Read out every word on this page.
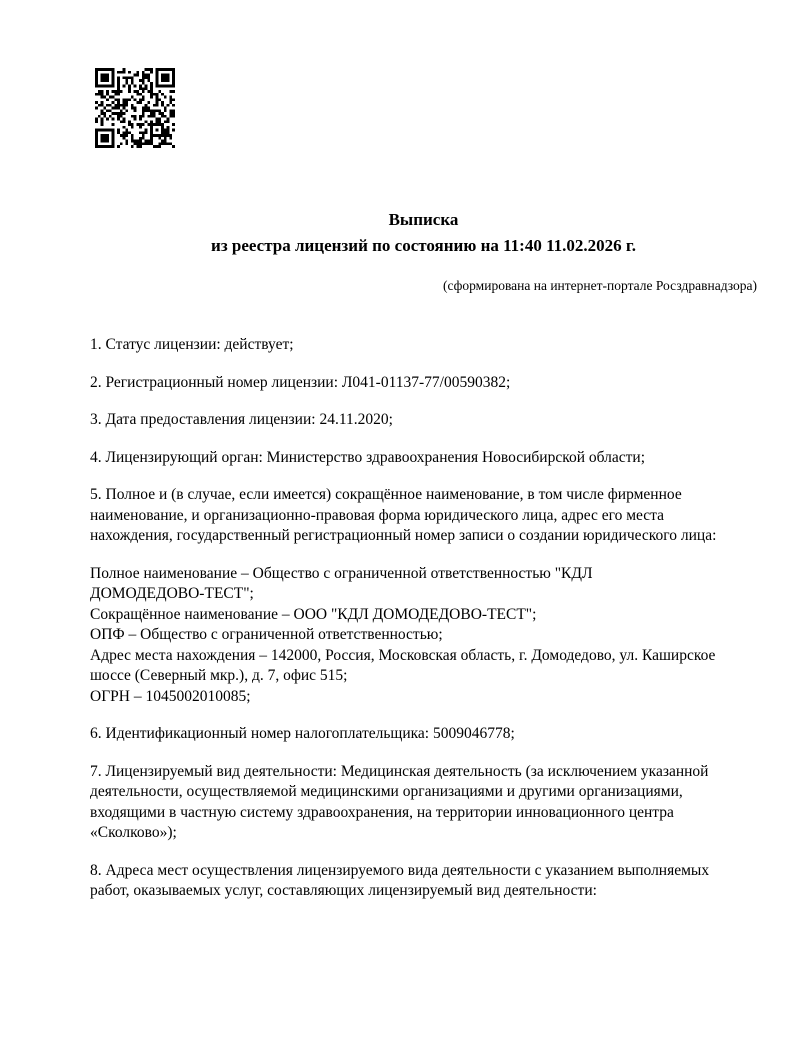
Выписка
из реестра лицензий по состоянию на 11:40 11.02.2026 г.
(сформирована на интернет-портале Росздравнадзора)

1. Статус лицензии: действует;

2. Регистрационный номер лицензии: Л041-01137-77/00590382;

3. Дата предоставления лицензии: 24.11.2020;

4. Лицензирующий орган: Министерство здравоохранения Новосибирской области;

5. Полное и (в случае, если имеется) сокращённое наименование, в том числе фирменное
наименование, и организационно-правовая форма юридического лица, адрес его места
нахождения, государственный регистрационный номер записи о создании юридического лица:

Полное наименование – Общество с ограниченной ответственностью "КДЛ
ДОМОДЕДОВО-ТЕСТ";
Сокращённое наименование – ООО "КДЛ ДОМОДЕДОВО-ТЕСТ";
ОПФ – Общество с ограниченной ответственностью;
Адрес места нахождения – 142000, Россия, Московская область, г. Домодедово, ул. Каширское
шоссе (Северный мкр.), д. 7, офис 515;
ОГРН – 1045002010085;

6. Идентификационный номер налогоплательщика: 5009046778;

7. Лицензируемый вид деятельности: Медицинская деятельность (за исключением указанной
деятельности, осуществляемой медицинскими организациями и другими организациями,
входящими в частную систему здравоохранения, на территории инновационного центра
«Сколково»);

8. Адреса мест осуществления лицензируемого вида деятельности с указанием выполняемых
работ, оказываемых услуг, составляющих лицензируемый вид деятельности:
